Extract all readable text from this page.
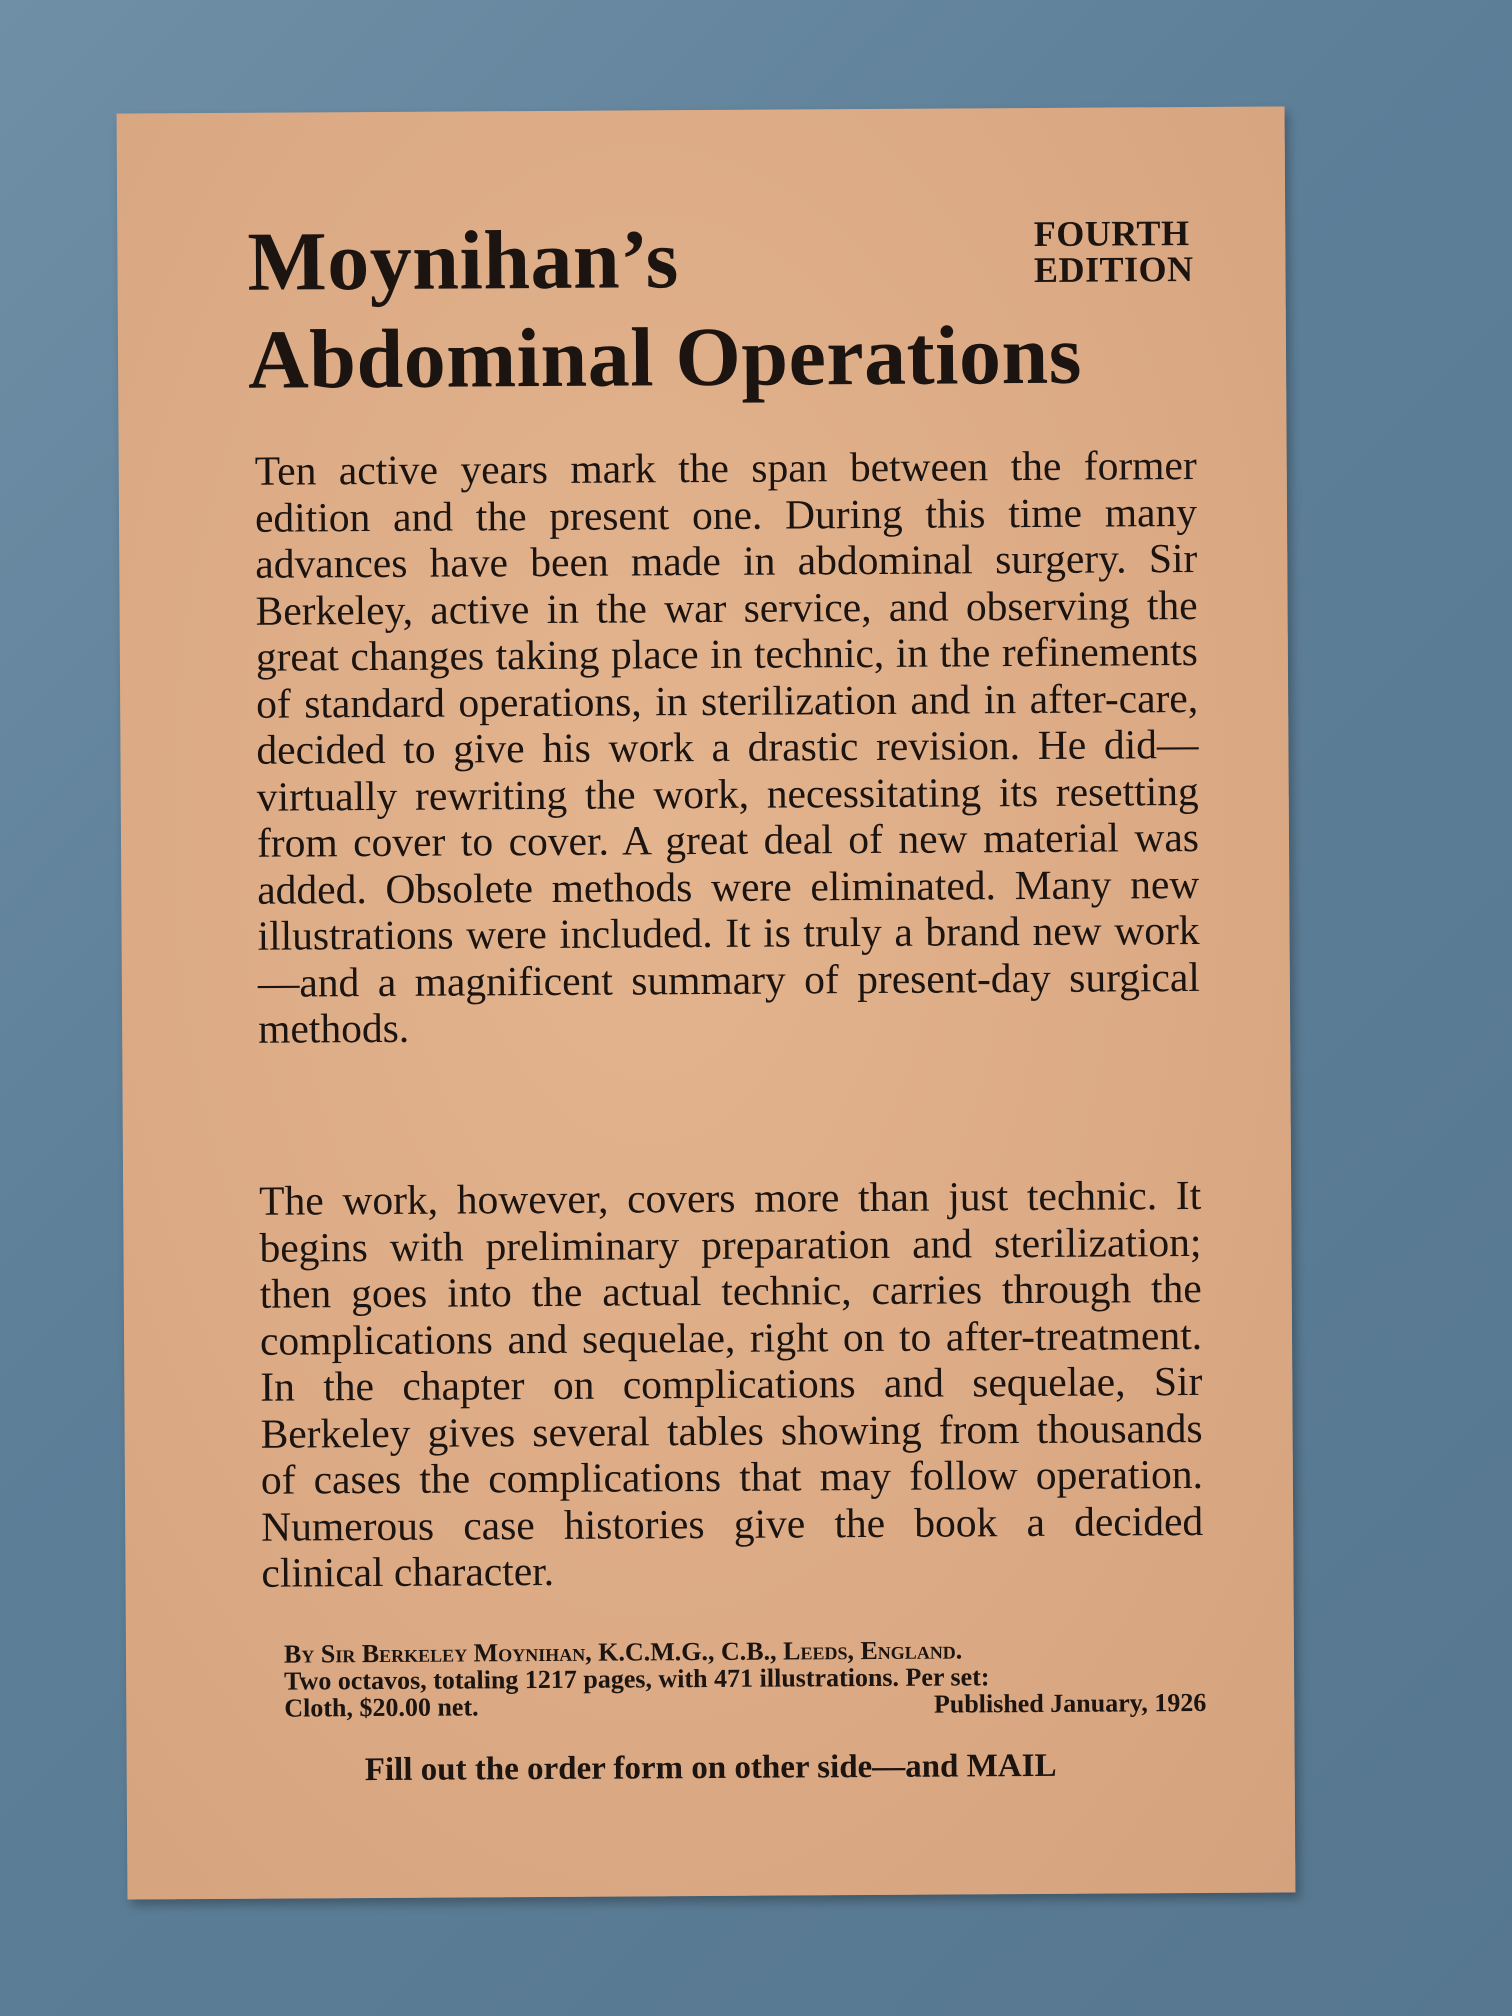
Moynihan’s
Abdominal Operations
FOURTH
EDITION
Ten active years mark the span between the former edition and the present one. During this time many advances have been made in abdominal surgery. Sir Berkeley, active in the war service, and observing the great changes taking place in technic, in the refinements of standard operations, in sterilization and in after-care, decided to give his work a drastic revision. He did—virtually rewriting the work, necessitating its resetting from cover to cover. A great deal of new material was added. Obsolete methods were eliminated. Many new illustrations were included. It is truly a brand new work—and a magnificent summary of present-day surgical methods.
The work, however, covers more than just technic. It begins with preliminary preparation and sterilization; then goes into the actual technic, carries through the complications and sequelae, right on to after-treatment. In the chapter on complications and sequelae, Sir Berkeley gives several tables showing from thousands of cases the complications that may follow operation. Numerous case histories give the book a decided clinical character.
By Sir Berkeley Moynihan, K.C.M.G., C.B., Leeds, England.
Two octavos, totaling 1217 pages, with 471 illustrations. Per set:
Cloth, $20.00 net.	Published January, 1926
Fill out the order form on other side—and MAIL
